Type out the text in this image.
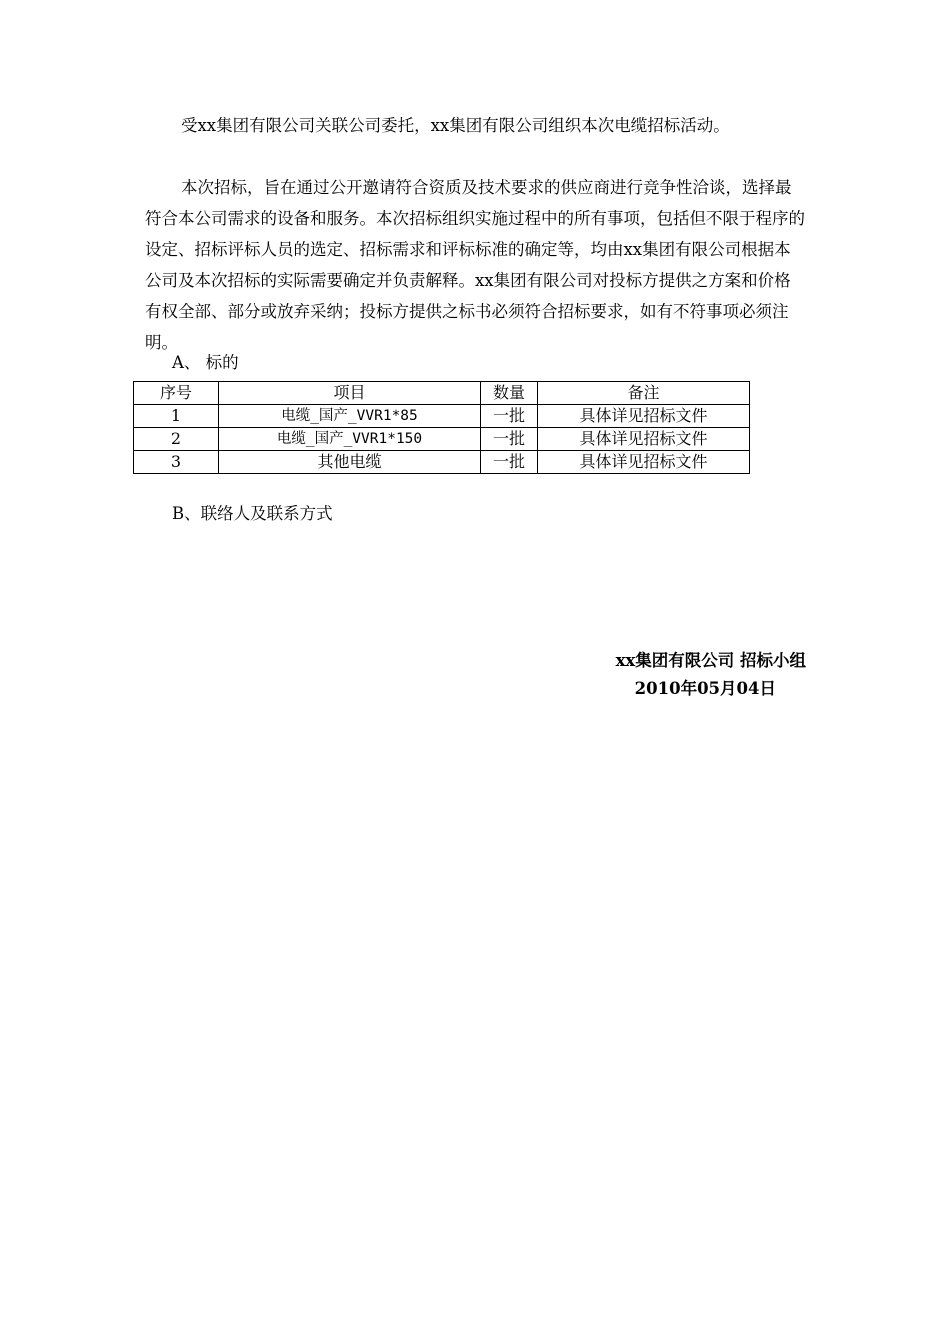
受xx集团有限公司关联公司委托，xx集团有限公司组织本次电缆招标活动。

本次招标，旨在通过公开邀请符合资质及技术要求的供应商进行竞争性洽谈，选择最符合本公司需求的设备和服务。本次招标组织实施过程中的所有事项，包括但不限于程序的设定、招标评标人员的选定、招标需求和评标标准的确定等，均由xx集团有限公司根据本公司及本次招标的实际需要确定并负责解释。xx集团有限公司对投标方提供之方案和价格有权全部、部分或放弃采纳；投标方提供之标书必须符合招标要求，如有不符事项必须注明。

A、 标的

序号	项目	数量	备注
1	电缆_国产_VVR1*85	一批	具体详见招标文件
2	电缆_国产_VVR1*150	一批	具体详见招标文件
3	其他电缆	一批	具体详见招标文件

B、联络人及联系方式

xx集团有限公司 招标小组

2010年05月04日
